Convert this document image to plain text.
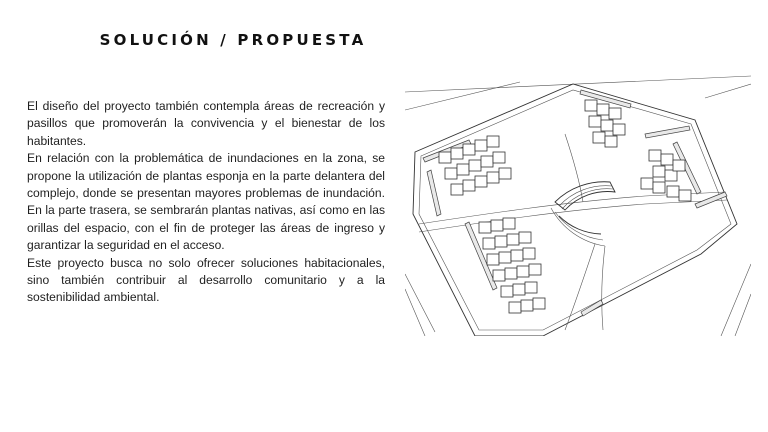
SOLUCIÓN / PROPUESTA

El diseño del proyecto también contempla áreas de recreación y pasillos que promoverán la convivencia y el bienestar de los habitantes.

En relación con la problemática de inundaciones en la zona, se propone la utilización de plantas esponja en la parte delantera del complejo, donde se presentan mayores problemas de inundación. En la parte trasera, se sembrarán plantas nativas, así como en las orillas del espacio, con el fin de proteger las áreas de ingreso y garantizar la seguridad en el acceso.

Este proyecto busca no solo ofrecer soluciones habitacionales, sino también contribuir al desarrollo comunitario y a la sostenibilidad ambiental.
